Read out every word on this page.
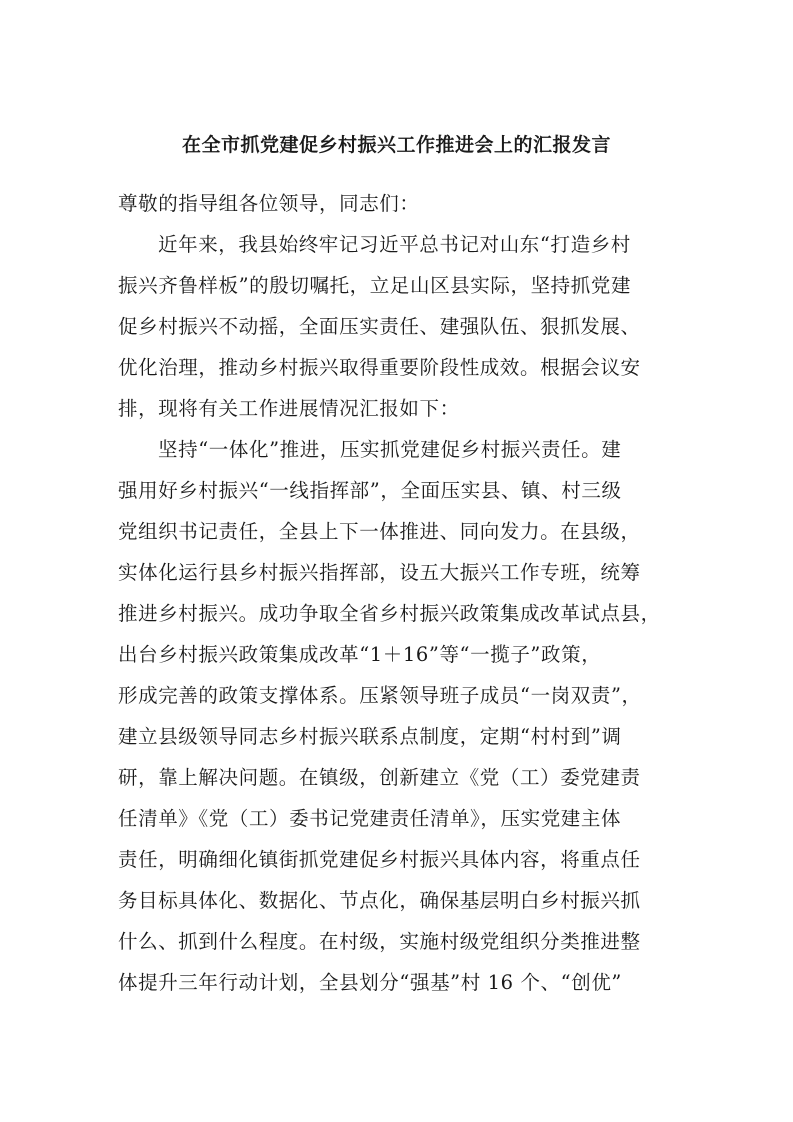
在全市抓党建促乡村振兴工作推进会上的汇报发言
尊敬的指导组各位领导，同志们：
近年来，我县始终牢记习近平总书记对山东“打造乡村
振兴齐鲁样板”的殷切嘱托，立足山区县实际，坚持抓党建
促乡村振兴不动摇，全面压实责任、建强队伍、狠抓发展、
优化治理，推动乡村振兴取得重要阶段性成效。根据会议安
排，现将有关工作进展情况汇报如下：
坚持“一体化”推进，压实抓党建促乡村振兴责任。建
强用好乡村振兴“一线指挥部”，全面压实县、镇、村三级
党组织书记责任，全县上下一体推进、同向发力。在县级，
实体化运行县乡村振兴指挥部，设五大振兴工作专班，统筹
推进乡村振兴。成功争取全省乡村振兴政策集成改革试点县，
出台乡村振兴政策集成改革“1＋16”等“一揽子”政策，
形成完善的政策支撑体系。压紧领导班子成员“一岗双责”，
建立县级领导同志乡村振兴联系点制度，定期“村村到”调
研，靠上解决问题。在镇级，创新建立《党（工）委党建责
任清单》《党（工）委书记党建责任清单》，压实党建主体
责任，明确细化镇街抓党建促乡村振兴具体内容，将重点任
务目标具体化、数据化、节点化，确保基层明白乡村振兴抓
什么、抓到什么程度。在村级，实施村级党组织分类推进整
体提升三年行动计划，全县划分“强基”村 16 个、“创优”
